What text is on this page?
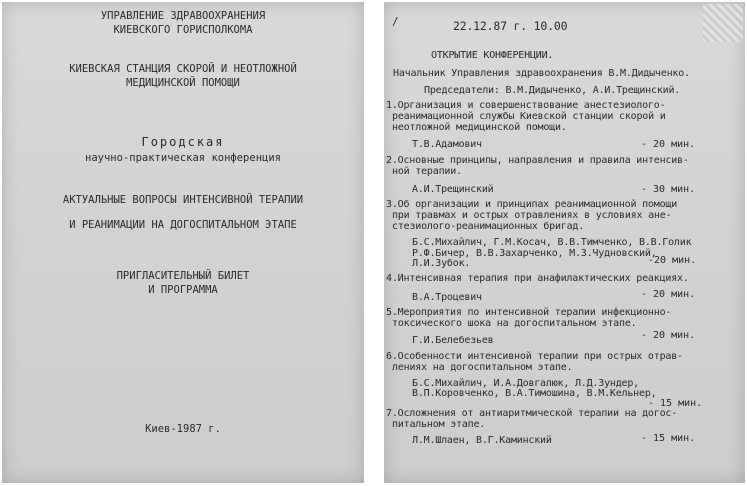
УПРАВЛЕНИЕ ЗДРАВООХРАНЕНИЯ
КИЕВСКОГО ГОРИСПОЛКОМА
КИЕВСКАЯ СТАНЦИЯ СКОРОЙ И НЕОТЛОЖНОЙ
МЕДИЦИНСКОЙ ПОМОЩИ
Городская
научно-практическая конференция
АКТУАЛЬНЫЕ ВОПРОСЫ ИНТЕНСИВНОЙ ТЕРАПИИ
И РЕАНИМАЦИИ НА ДОГОСПИТАЛЬНОМ ЭТАПЕ
ПРИГЛАСИТЕЛЬНЫЙ БИЛЕТ
И ПРОГРАММА
Киев-1987 г.
/	22.12.87 г. 10.00
ОТКРЫТИЕ КОНФЕРЕНЦИИ.
Начальник Управления здравоохранения В.М.Дидыченко.
Председатели: В.М.Дидыченко, А.И.Трещинский.
1.Организация и совершенствование анестезиолого-
реанимационной службы Киевской станции скорой и
неотложной медицинской помощи.
Т.В.Адамович	- 20 мин.
2.Основные принципы, направления и правила интенсив-
ной терапии.
А.И.Трещинский	- 30 мин.
3.Об организации и принципах реанимационной помощи
при травмах и острых отравлениях в условиях ане-
стезиолого-реанимационных бригад.
Б.С.Михайлич, Г.М.Косач, В.В.Тимченко, В.В.Голик
Р.Ф.Бичер, В.В.Захарченко, М.З.Чудновский,
Л.И.Зубок.	-20 мин.
4.Интенсивная терапия при анафилактических реакциях.
В.А.Троцевич	- 20 мин.
5.Мероприятия по интенсивной терапии инфекционно-
токсического шока на догоспитальном этапе.
Г.И.Белебезьев	- 20 мин.
6.Особенности интенсивной терапии при острых отрав-
лениях на догоспитальном этапе.
Б.С.Михайлич, И.А.Довгалюк, Л.Д.Зундер,
В.П.Коровченко, В.А.Тимошина, В.М.Кельнер,
- 15 мин.
7.Осложнения от антиаритмической терапии на догос-
питальном этапе.
Л.М.Шлаен, В.Г.Каминский	- 15 мин.
